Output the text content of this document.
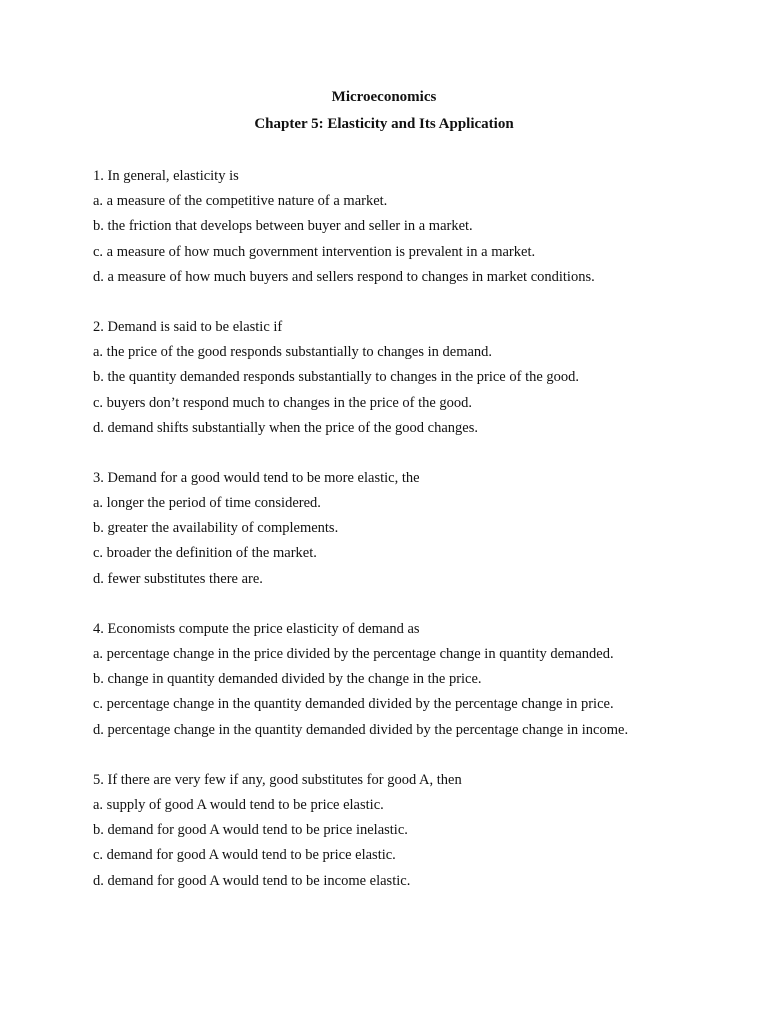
Microeconomics
Chapter 5: Elasticity and Its Application
1. In general, elasticity is
a. a measure of the competitive nature of a market.
b. the friction that develops between buyer and seller in a market.
c. a measure of how much government intervention is prevalent in a market.
d. a measure of how much buyers and sellers respond to changes in market conditions.
2. Demand is said to be elastic if
a. the price of the good responds substantially to changes in demand.
b. the quantity demanded responds substantially to changes in the price of the good.
c. buyers don’t respond much to changes in the price of the good.
d. demand shifts substantially when the price of the good changes.
3. Demand for a good would tend to be more elastic, the
a. longer the period of time considered.
b. greater the availability of complements.
c. broader the definition of the market.
d. fewer substitutes there are.
4. Economists compute the price elasticity of demand as
a. percentage change in the price divided by the percentage change in quantity demanded.
b. change in quantity demanded divided by the change in the price.
c. percentage change in the quantity demanded divided by the percentage change in price.
d. percentage change in the quantity demanded divided by the percentage change in income.
5. If there are very few if any, good substitutes for good A, then
a. supply of good A would tend to be price elastic.
b. demand for good A would tend to be price inelastic.
c. demand for good A would tend to be price elastic.
d. demand for good A would tend to be income elastic.
